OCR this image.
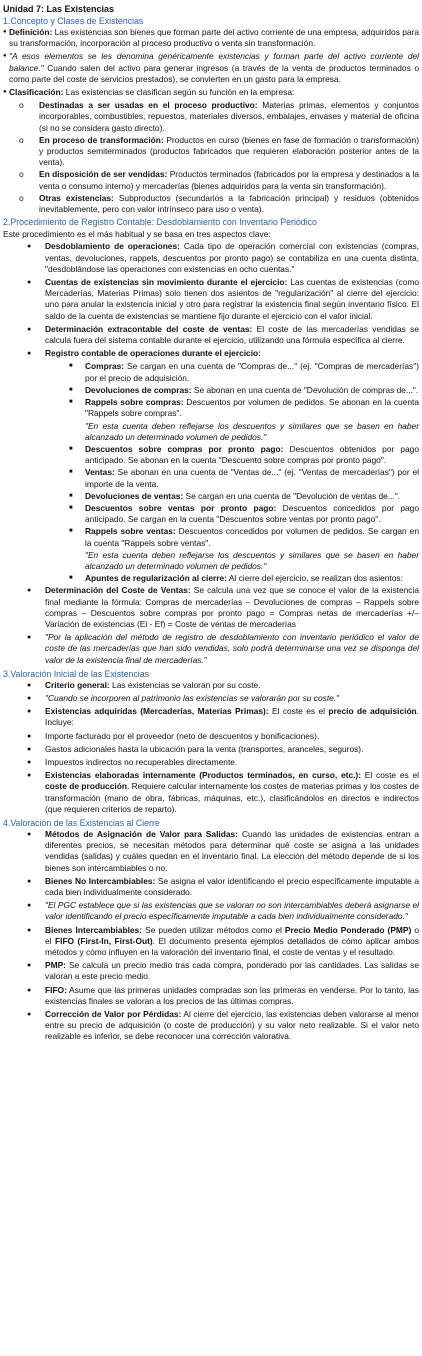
Unidad 7: Las Existencias

1.Concepto y Clases de Existencias

● Definición: Las existencias son bienes que forman parte del activo corriente de una empresa, adquiridos para su transformación, incorporación al proceso productivo o venta sin transformación.

● "A esos elementos se les denomina genéricamente existencias y forman parte del activo corriente del balance." Cuando salen del activo para generar ingresos (a través de la venta de productos terminados o como parte del coste de servicios prestados), se convierten en un gasto para la empresa.

● Clasificación: Las existencias se clasifican según su función en la empresa:

o Destinadas a ser usadas en el proceso productivo: Materias primas, elementos y conjuntos incorporables, combustibles, repuestos, materiales diversos, embalajes, envases y material de oficina (si no se considera gasto directo).

o En proceso de transformación: Productos en curso (bienes en fase de formación o transformación) y productos semiterminados (productos fabricados que requieren elaboración posterior antes de la venta).

o En disposición de ser vendidas: Productos terminados (fabricados por la empresa y destinados a la venta o consumo interno) y mercaderías (bienes adquiridos para la venta sin transformación).

o Otras existencias: Subproductos (secundarios a la fabricación principal) y residuos (obtenidos inevitablemente, pero con valor intrínseco para uso o venta).

2.Procedimiento de Registro Contable: Desdoblamiento con Inventario Periódico

Este procedimiento es el más habitual y se basa en tres aspectos clave:

● Desdoblamiento de operaciones: Cada tipo de operación comercial con existencias (compras, ventas, devoluciones, rappels, descuentos por pronto pago) se contabiliza en una cuenta distinta, "desdoblándose las operaciones con existencias en ocho cuentas."

● Cuentas de existencias sin movimiento durante el ejercicio: Las cuentas de existencias (como Mercaderías, Materias Primas) solo tienen dos asientos de "regularización" al cierre del ejercicio: uno para anular la existencia inicial y otro para registrar la existencia final según inventario físico. El saldo de la cuenta de existencias se mantiene fijo durante el ejercicio con el valor inicial.

● Determinación extracontable del coste de ventas: El coste de las mercaderías vendidas se calcula fuera del sistema contable durante el ejercicio, utilizando una fórmula específica al cierre.

● Registro contable de operaciones durante el ejercicio:

■ Compras: Se cargan en una cuenta de "Compras de..." (ej. "Compras de mercaderías") por el precio de adquisición.

■ Devoluciones de compras: Se abonan en una cuenta de "Devolución de compras de...".

■ Rappels sobre compras: Descuentos por volumen de pedidos. Se abonan en la cuenta "Rappels sobre compras".

"En esta cuenta deben reflejarse los descuentos y similares que se basen en haber alcanzado un determinado volumen de pedidos."

■ Descuentos sobre compras por pronto pago: Descuentos obtenidos por pago anticipado. Se abonan en la cuenta "Descuento sobre compras por pronto pago".

■ Ventas: Se abonan en una cuenta de "Ventas de..." (ej. "Ventas de mercaderías") por el importe de la venta.

■ Devoluciones de ventas: Se cargan en una cuenta de "Devolución de ventas de...".

■ Descuentos sobre ventas por pronto pago: Descuentos concedidos por pago anticipado. Se cargan en la cuenta "Descuentos sobre ventas por pronto pago".

■ Rappels sobre ventas: Descuentos concedidos por volumen de pedidos. Se cargan en la cuenta "Rappels sobre ventas".

"En esta cuenta deben reflejarse los descuentos y similares que se basen en haber alcanzado un determinado volumen de pedidos."

■ Apuntes de regularización al cierre: Al cierre del ejercicio, se realizan dos asientos:

● Determinación del Coste de Ventas: Se calcula una vez que se conoce el valor de la existencia final mediante la fórmula: Compras de mercaderías – Devoluciones de compras – Rappels sobre compras – Descuentos sobre compras por pronto pago = Compras netas de mercaderías +/– Variación de existencias (Ei - Ef) = Coste de ventas de mercaderías

● "Por la aplicación del método de registro de desdoblamiento con inventario periódico el valor de coste de las mercaderías que han sido vendidas, solo podrá determinarse una vez se disponga del valor de la existencia final de mercaderías."

3.Valoración Inicial de las Existencias

● Criterio general: Las existencias se valoran por su coste.

● "Cuando se incorporen al patrimonio las existencias se valorarán por su coste."

● Existencias adquiridas (Mercaderías, Materias Primas): El coste es el precio de adquisición. Incluye:

● Importe facturado por el proveedor (neto de descuentos y bonificaciones).

● Gastos adicionales hasta la ubicación para la venta (transportes, aranceles, seguros).

● Impuestos indirectos no recuperables directamente.

● Existencias elaboradas internamente (Productos terminados, en curso, etc.): El coste es el coste de producción. Requiere calcular internamente los costes de materias primas y los costes de transformación (mano de obra, fábricas, máquinas, etc.), clasificándolos en directos e indirectos (que requieren criterios de reparto).

4.Valoración de las Existencias al Cierre

● Métodos de Asignación de Valor para Salidas: Cuando las unidades de existencias entran a diferentes precios, se necesitan métodos para determinar qué coste se asigna a las unidades vendidas (salidas) y cuáles quedan en el inventario final. La elección del método depende de si los bienes son intercambiables o no.

● Bienes No Intercambiables: Se asigna el valor identificando el precio específicamente imputable a cada bien individualmente considerado.

● "El PGC establece que si las existencias que se valoran no son intercambiables deberá asignarse el valor identificando el precio específicamente imputable a cada bien individualmente considerado."

● Bienes Intercambiables: Se pueden utilizar métodos como el Precio Medio Ponderado (PMP) o el FIFO (First-In, First-Out). El documento presenta ejemplos detallados de cómo aplicar ambos métodos y cómo influyen en la valoración del inventario final, el coste de ventas y el resultado.

● PMP: Se calcula un precio medio tras cada compra, ponderado por las cantidades. Las salidas se valoran a este precio medio.

● FIFO: Asume que las primeras unidades compradas son las primeras en venderse. Por lo tanto, las existencias finales se valoran a los precios de las últimas compras.

● Corrección de Valor por Pérdidas: Al cierre del ejercicio, las existencias deben valorarse al menor entre su precio de adquisición (o coste de producción) y su valor neto realizable. Si el valor neto realizable es inferior, se debe reconocer una corrección valorativa.
